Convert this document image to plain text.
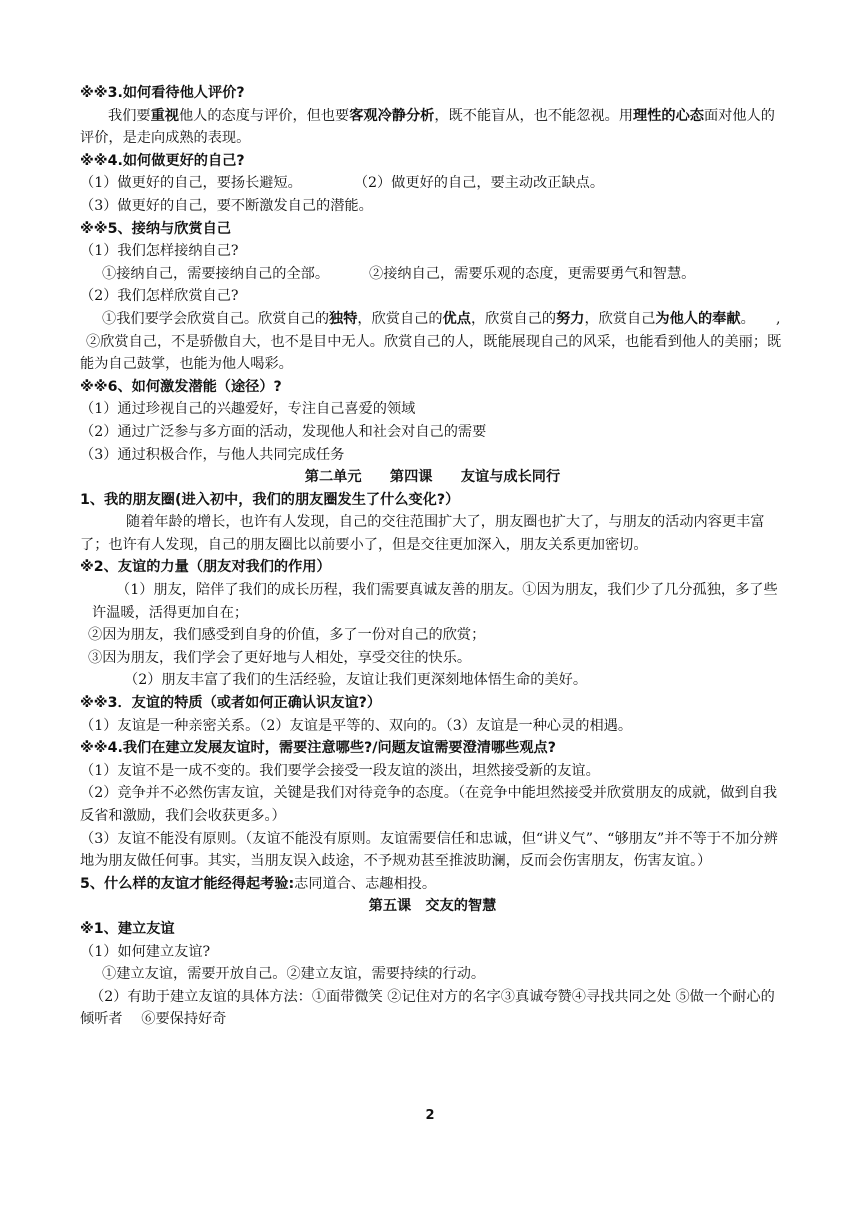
※※3.如何看待他人评价?

我们要重视他人的态度与评价，但也要客观冷静分析，既不能盲从，也不能忽视。用理性的心态面对他人的评价，是走向成熟的表现。

※※4.如何做更好的自己?

（1）做更好的自己，要扬长避短。	（2）做更好的自己，要主动改正缺点。

（3）做更好的自己，要不断激发自己的潜能。

※※5、接纳与欣赏自己

（1）我们怎样接纳自己?

①接纳自己，需要接纳自己的全部。	②接纳自己，需要乐观的态度，更需要勇气和智慧。

（2）我们怎样欣赏自己?

①我们要学会欣赏自己。欣赏自己的独特，欣赏自己的优点，欣赏自己的努力，欣赏自己为他人的奉献。　　,

②欣赏自己，不是骄傲自大，也不是目中无人。欣赏自己的人，既能展现自己的风采，也能看到他人的美丽；既能为自己鼓掌，也能为他人喝彩。

※※6、如何激发潜能（途径）?

（1）通过珍视自己的兴趣爱好，专注自己喜爱的领域

（2）通过广泛参与多方面的活动，发现他人和社会对自己的需要

（3）通过积极合作，与他人共同完成任务

第二单元　　第四课　　友谊与成长同行

1、我的朋友圈(进入初中，我们的朋友圈发生了什么变化?）

随着年龄的增长，也许有人发现，自己的交往范围扩大了，朋友圈也扩大了，与朋友的活动内容更丰富了；也许有人发现，自己的朋友圈比以前要小了，但是交往更加深入，朋友关系更加密切。

※2、友谊的力量（朋友对我们的作用）

（1）朋友，陪伴了我们的成长历程，我们需要真诚友善的朋友。①因为朋友，我们少了几分孤独，多了些许温暖，活得更加自在；

②因为朋友，我们感受到自身的价值，多了一份对自己的欣赏；

③因为朋友，我们学会了更好地与人相处，享受交往的快乐。

（2）朋友丰富了我们的生活经验，友谊让我们更深刻地体悟生命的美好。

※※3．友谊的特质（或者如何正确认识友谊?）

（1）友谊是一种亲密关系。（2）友谊是平等的、双向的。（3）友谊是一种心灵的相遇。

※※4.我们在建立发展友谊时，需要注意哪些?/问题友谊需要澄清哪些观点?

（1）友谊不是一成不变的。我们要学会接受一段友谊的淡出，坦然接受新的友谊。

（2）竞争并不必然伤害友谊，关键是我们对待竞争的态度。（在竞争中能坦然接受并欣赏朋友的成就，做到自我反省和激励，我们会收获更多。）

（3）友谊不能没有原则。（友谊不能没有原则。友谊需要信任和忠诚，但“讲义气”、“够朋友”并不等于不加分辨地为朋友做任何事。其实，当朋友误入歧途，不予规劝甚至推波助澜，反而会伤害朋友，伤害友谊。）

5、什么样的友谊才能经得起考验:志同道合、志趣相投。

第五课　交友的智慧

※1、建立友谊

（1）如何建立友谊?

①建立友谊，需要开放自己。②建立友谊，需要持续的行动。

（2）有助于建立友谊的具体方法：①面带微笑 ②记住对方的名字③真诚夸赞④寻找共同之处 ⑤做一个耐心的倾听者　 ⑥要保持好奇

2
